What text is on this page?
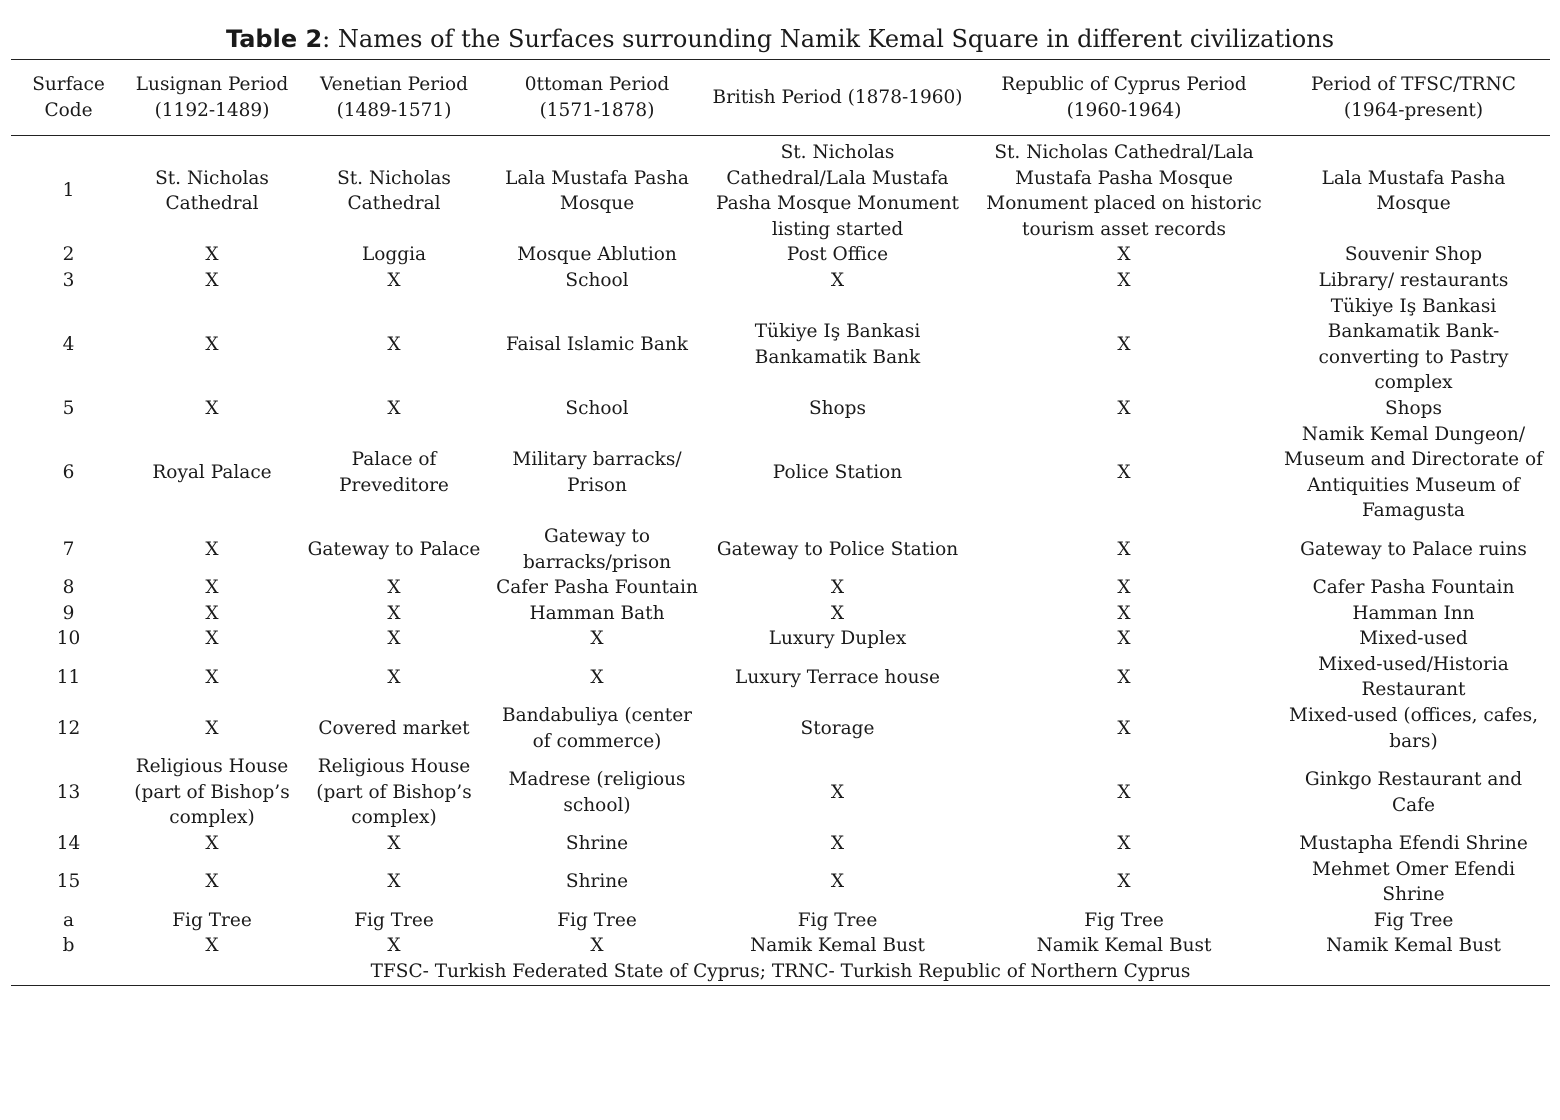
Table 2: Names of the Surfaces surrounding Namik Kemal Square in different civilizations
Surface Code	Lusignan Period (1192-1489)	Venetian Period (1489-1571)	0ttoman Period (1571-1878)	British Period (1878-1960)	Republic of Cyprus Period (1960-1964)	Period of TFSC/TRNC (1964-present)

1	St. Nicholas Cathedral	St. Nicholas Cathedral	Lala Mustafa Pasha Mosque	St. Nicholas Cathedral/Lala Mustafa Pasha Mosque Monument listing started	St. Nicholas Cathedral/Lala Mustafa Pasha Mosque Monument placed on historic tourism asset records	Lala Mustafa Pasha Mosque
2	X	Loggia	Mosque Ablution	Post Office	X	Souvenir Shop
3	X	X	School	X	X	Library/ restaurants
4	X	X	Faisal Islamic Bank	Tükiye Iş Bankasi Bankamatik Bank	X	Tükiye Iş Bankasi Bankamatik Bank-converting to Pastry complex
5	X	X	School	Shops	X	Shops
6	Royal Palace	Palace of Preveditore	Military barracks/ Prison	Police Station	X	Namik Kemal Dungeon/ Museum and Directorate of Antiquities Museum of Famagusta
7	X	Gateway to Palace	Gateway to barracks/prison	Gateway to Police Station	X	Gateway to Palace ruins
8	X	X	Cafer Pasha Fountain	X	X	Cafer Pasha Fountain
9	X	X	Hamman Bath	X	X	Hamman Inn
10	X	X	X	Luxury Duplex	X	Mixed-used
11	X	X	X	Luxury Terrace house	X	Mixed-used/Historia Restaurant
12	X	Covered market	Bandabuliya (center of commerce)	Storage	X	Mixed-used (offices, cafes, bars)
13	Religious House (part of Bishop’s complex)	Religious House (part of Bishop’s complex)	Madrese (religious school)	X	X	Ginkgo Restaurant and Cafe
14	X	X	Shrine	X	X	Mustapha Efendi Shrine
15	X	X	Shrine	X	X	Mehmet Omer Efendi Shrine
a	Fig Tree	Fig Tree	Fig Tree	Fig Tree	Fig Tree	Fig Tree
b	X	X	X	Namik Kemal Bust	Namik Kemal Bust	Namik Kemal Bust
TFSC- Turkish Federated State of Cyprus; TRNC- Turkish Republic of Northern Cyprus						
